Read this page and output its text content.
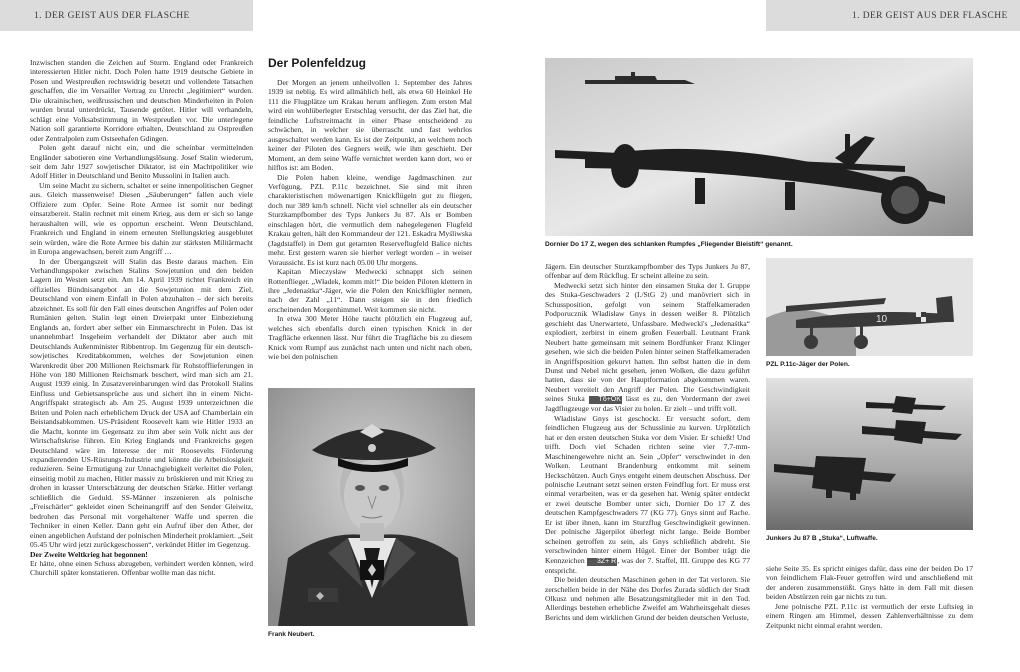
1. DER GEIST AUS DER FLASCHE	1. DER GEIST AUS DER FLASCHE

Inzwischen standen die Zeichen auf Sturm. England oder Frankreich interessierten Hitler nicht. Doch Polen hatte 1919 deutsche Gebiete in Posen und Westpreußen rechtswidrig besetzt und vollendete Tatsachen geschaffen, die im Versailler Vertrag zu Unrecht „legitimiert“ wurden. Die ukrainischen, weißrussischen und deutschen Minderheiten in Polen wurden brutal unterdrückt, Tausende getötet. Hitler will verhandeln, schlägt eine Volksabstimmung in Westpreußen vor. Die unterlegene Nation soll garantierte Korridore erhalten, Deutschland zu Ostpreußen oder Zentralpolen zum Ostseehafen Gdingen.

Polen geht darauf nicht ein, und die scheinbar vermittelnden Engländer sabotieren eine Verhandlungslösung. Josef Stalin wiederum, seit dem Jahr 1927 sowjetischer Diktator, ist ein Machtpolitiker wie Adolf Hitler in Deutschland und Benito Mussolini in Italien auch.

Um seine Macht zu sichern, schaltet er seine innenpolitischen Gegner aus. Gleich massenweise! Diesen „Säuberungen“ fallen auch viele Offiziere zum Opfer. Seine Rote Armee ist somit nur bedingt einsatzbereit. Stalin rechnet mit einem Krieg, aus dem er sich so lange heraushalten will, wie es opportun erscheint. Wenn Deutschland, Frankreich und England in einem erneuten Stellungskrieg ausgeblutet sein würden, wäre die Rote Armee bis dahin zur stärksten Militärmacht in Europa angewachsen, bereit zum Angriff …

In der Übergangszeit will Stalin das Beste daraus machen. Ein Verhandlungspoker zwischen Stalins Sowjetunion und den beiden Lagern im Westen setzt ein. Am 14. April 1939 richtet Frankreich ein offizielles Bündnisangebot an die Sowjetunion mit dem Ziel, Deutschland von einem Einfall in Polen abzuhalten – der sich bereits abzeichnet. Es soll für den Fall eines deutschen Angriffes auf Polen oder Rumänien gelten. Stalin legt einen Dreierpakt unter Einbeziehung Englands an, fordert aber selber ein Einmarschrecht in Polen. Das ist unannehmbar! Insgeheim verhandelt der Diktator aber auch mit Deutschlands Außenminister Ribbentrop. Im Gegenzug für ein deutsch-sowjetisches Kreditabkommen, welches der Sowjetunion einen Warenkredit über 200 Millionen Reichsmark für Rohstofflieferungen in Höhe von 180 Millionen Reichsmark beschert, wird man sich am 21. August 1939 einig. In Zusatzvereinbarungen wird das Protokoll Stalins Einfluss und Gebietsansprüche aus und sichert ihn in einem Nicht-Angriffspakt strategisch ab. Am 25. August 1939 unterzeichnen die Briten und Polen nach erheblichem Druck der USA auf Chamberlain ein Beistandsabkommen. US-Präsident Roosevelt kam wie Hitler 1933 an die Macht, konnte im Gegensatz zu ihm aber sein Volk nicht aus der Wirtschaftskrise führen. Ein Krieg Englands und Frankreichs gegen Deutschland wäre im Interesse der mit Roosevelts Förderung expandierenden US-Rüstungs-Industrie und könnte die Arbeitslosigkeit reduzieren. Seine Ermutigung zur Unnachgiebigkeit verleitet die Polen, einseitig mobil zu machen, Hitler massiv zu brüskieren und mit Krieg zu drohen in krasser Unterschätzung der deutschen Stärke. Hitler verlangt schließlich die Geduld. SS-Männer inszenieren als polnische „Freischärler“ gekleidet einen Scheinangriff auf den Sender Gleiwitz, bedrohen das Personal mit vorgehaltener Waffe und sperren die Techniker in einen Keller. Dann geht ein Aufruf über den Äther, der einen angeblichen Aufstand der polnischen Minderheit proklamiert. „Seit 05.45 Uhr wird jetzt zurückgeschossen“, verkündet Hitler im Gegenzug.

Der Zweite Weltkrieg hat begonnen!

Er hätte, ohne einen Schuss abzugeben, verhindert werden können, wird Churchill später konstatieren. Offenbar wollte man das nicht.

Der Polenfeldzug

Der Morgen an jenem unheilvollen 1. September des Jahres 1939 ist neblig. Es wird allmählich hell, als etwa 60 Heinkel He 111 die Flugplätze um Krakau herum anfliegen. Zum ersten Mal wird ein wohlüberlegter Erstschlag versucht, der das Ziel hat, die feindliche Luftstreitmacht in einer Phase entscheidend zu schwächen, in welcher sie überrascht und fast wehrlos ausgeschaltet werden kann. Es ist der Zeitpunkt, an welchem noch keiner der Piloten des Gegners weiß, wie ihm geschieht. Der Moment, an dem seine Waffe vernichtet werden kann dort, wo er hilflos ist: am Boden.

Die Polen haben kleine, wendige Jagdmaschinen zur Verfügung, PZL P.11c bezeichnet. Sie sind mit ihren charakteristischen möwenartigen Knickflügeln gut zu fliegen, doch nur 389 km/h schnell. Nicht viel schneller als ein deutscher Sturzkampfbomber des Typs Junkers Ju 87. Als er Bomben einschlagen hört, die vermutlich dem nahegelegenen Flugfeld Krakau gelten, hält den Kommandeur der 121. Eskadra Myśliwska (Jagdstaffel) in Dem gut getarnten Reserveflugfeld Balice nichts mehr. Erst gestern waren sie hierher verlegt worden – in weiser Voraussicht. Es ist kurz nach 05.00 Uhr morgens.

Kapitan Mieczysław Medwecki schnappt sich seinen Rottenflieger. „Władek, komm mit!“ Die beiden Piloten klettern in ihre „Jedenaśtka“-Jäger, wie die Polen den Knickflügler nennen, nach der Zahl „11“. Dann steigen sie in den friedlich erscheinenden Morgenhimmel. Weit kommen sie nicht.

In etwa 300 Meter Höhe taucht plötzlich ein Flugzeug auf, welches sich ebenfalls durch einen typischen Knick in der Tragfläche erkennen lässt. Nur führt die Tragfläche bis zu diesem Knick vom Rumpf aus zunächst nach unten und nicht nach oben, wie bei den polnischen

Frank Neubert.
Dornier Do 17 Z, wegen des schlanken Rumpfes „Fliegender Bleistift“ genannt.
10
PZL P.11c-Jäger der Polen.
Junkers Ju 87 B „Stuka“, Luftwaffe.

Jägern. Ein deutscher Sturzkampfbomber des Typs Junkers Ju 87, offenbar auf dem Rückflug. Er scheint alleine zu sein.

Medwecki setzt sich hinter den einsamen Stuka der I. Gruppe des Stuka-Geschwaders 2 (I./StG 2) und manövriert sich in Schussposition, gefolgt von seinem Staffelkameraden Podporucznik Władisław Gnys in dessen weißer 8. Plötzlich geschieht das Unerwartete, Unfassbare. Medwecki's „Jedenaśtka“ explodiert, zerbirst in einem großen Feuerball. Leutnant Frank Neubert hatte gemeinsam mit seinem Bordfunker Franz Klinger gesehen, wie sich die beiden Polen hinter seinen Staffelkameraden in Angriffsposition gekurvt hatten. Ihn selbst hatten die in dem Dunst und Nebel nicht gesehen, jenen Wolken, die dazu geführt hatten, dass sie von der Hauptformation abgekommen waren. Neubert vereitelt den Angriff der Polen. Die Geschwindigkeit seines Stuka T6+OK lässt es zu, den Vordermann der zwei Jagdflugzeuge vor das Visier zu holen. Er zielt – und trifft voll.

Władisław Gnys ist geschockt. Er versucht sofort, dem feindlichen Flugzeug aus der Schusslinie zu kurven. Urplötzlich hat er den ersten deutschen Stuka vor dem Visier. Er schießt! Und trifft. Doch viel Schaden richten seine vier 7,7-mm-Maschinengewehre nicht an. Sein „Opfer“ verschwindet in den Wolken. Leutnant Brandenburg entkommt mit seinem Heckschützen. Auch Gnys entgeht einem deutschen Abschuss. Der polnische Leutnant setzt seinen ersten Feindflug fort. Er muss erst einmal verarbeiten, was er da gesehen hat. Wenig später entdeckt er zwei deutsche Bomber unter sich, Dornier Do 17 Z des deutschen Kampfgeschwaders 77 (KG 77). Gnys sinnt auf Rache. Er ist über ihnen, kann im Sturzflug Geschwindigkeit gewinnen. Der polnische Jägerpilot überlegt nicht lange. Beide Bomber scheinen getroffen zu sein, als Gnys schließlich abdreht. Sie verschwinden hinter einem Hügel. Einer der Bomber trägt die Kennzeichen 3Z+ R, was der 7. Staffel, III. Gruppe des KG 77 entspricht.

Die beiden deutschen Maschinen gehen in der Tat verloren. Sie zerschellen beide in der Nähe des Dorfes Żurada südlich der Stadt Olkusz und nehmen alle Besatzungsmitglieder mit in den Tod. Allerdings bestehen erhebliche Zweifel am Wahrheitsgehalt dieses Berichts und dem wirklichen Grund der beiden deutschen Verluste,

siehe Seite 35. Es spricht einiges dafür, dass eine der beiden Do 17 von feindlichem Flak-Feuer getroffen wird und anschließend mit der anderen zusammenstößt. Gnys hätte in dem Fall mit diesen beiden Abstürzen rein gar nichts zu tun.

Jene polnische PZL P.11c ist vermutlich der erste Luftsieg in einem Ringen am Himmel, dessen Zahlenverhältnisse zu dem Zeitpunkt nicht einmal erahnt werden.
